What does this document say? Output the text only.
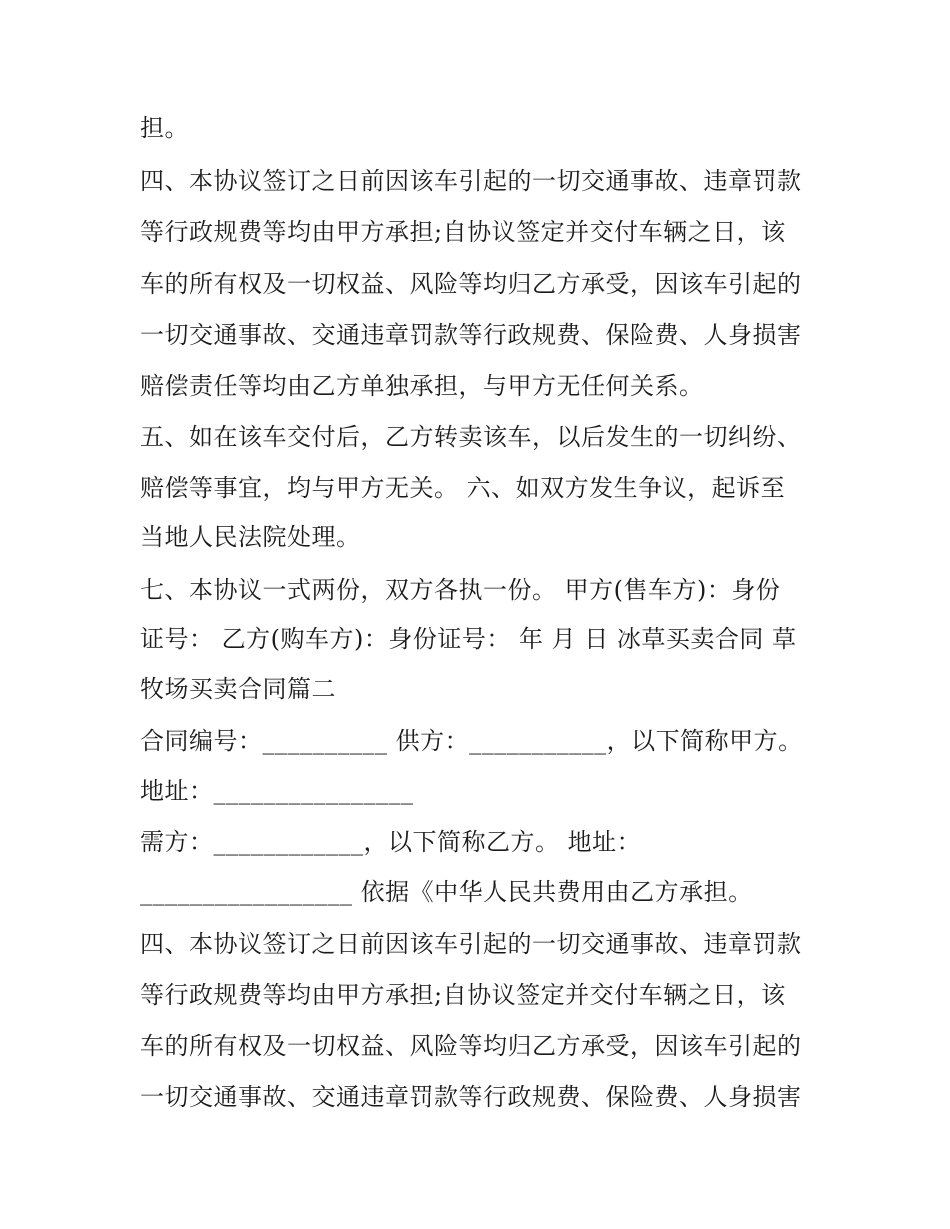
担。
四、本协议签订之日前因该车引起的一切交通事故、违章罚款
等行政规费等均由甲方承担;自协议签定并交付车辆之日，该
车的所有权及一切权益、风险等均归乙方承受，因该车引起的
一切交通事故、交通违章罚款等行政规费、保险费、人身损害
赔偿责任等均由乙方单独承担，与甲方无任何关系。
五、如在该车交付后，乙方转卖该车，以后发生的一切纠纷、
赔偿等事宜，均与甲方无关。 六、如双方发生争议，起诉至
当地人民法院处理。
七、本协议一式两份，双方各执一份。 甲方(售车方)：身份
证号： 乙方(购车方)：身份证号： 年 月 日 冰草买卖合同 草
牧场买卖合同篇二
合同编号：__________ 供方：___________，以下简称甲方。
地址：________________
需方：____________，以下简称乙方。 地址：
_________________ 依据《中华人民共费用由乙方承担。
四、本协议签订之日前因该车引起的一切交通事故、违章罚款
等行政规费等均由甲方承担;自协议签定并交付车辆之日，该
车的所有权及一切权益、风险等均归乙方承受，因该车引起的
一切交通事故、交通违章罚款等行政规费、保险费、人身损害
